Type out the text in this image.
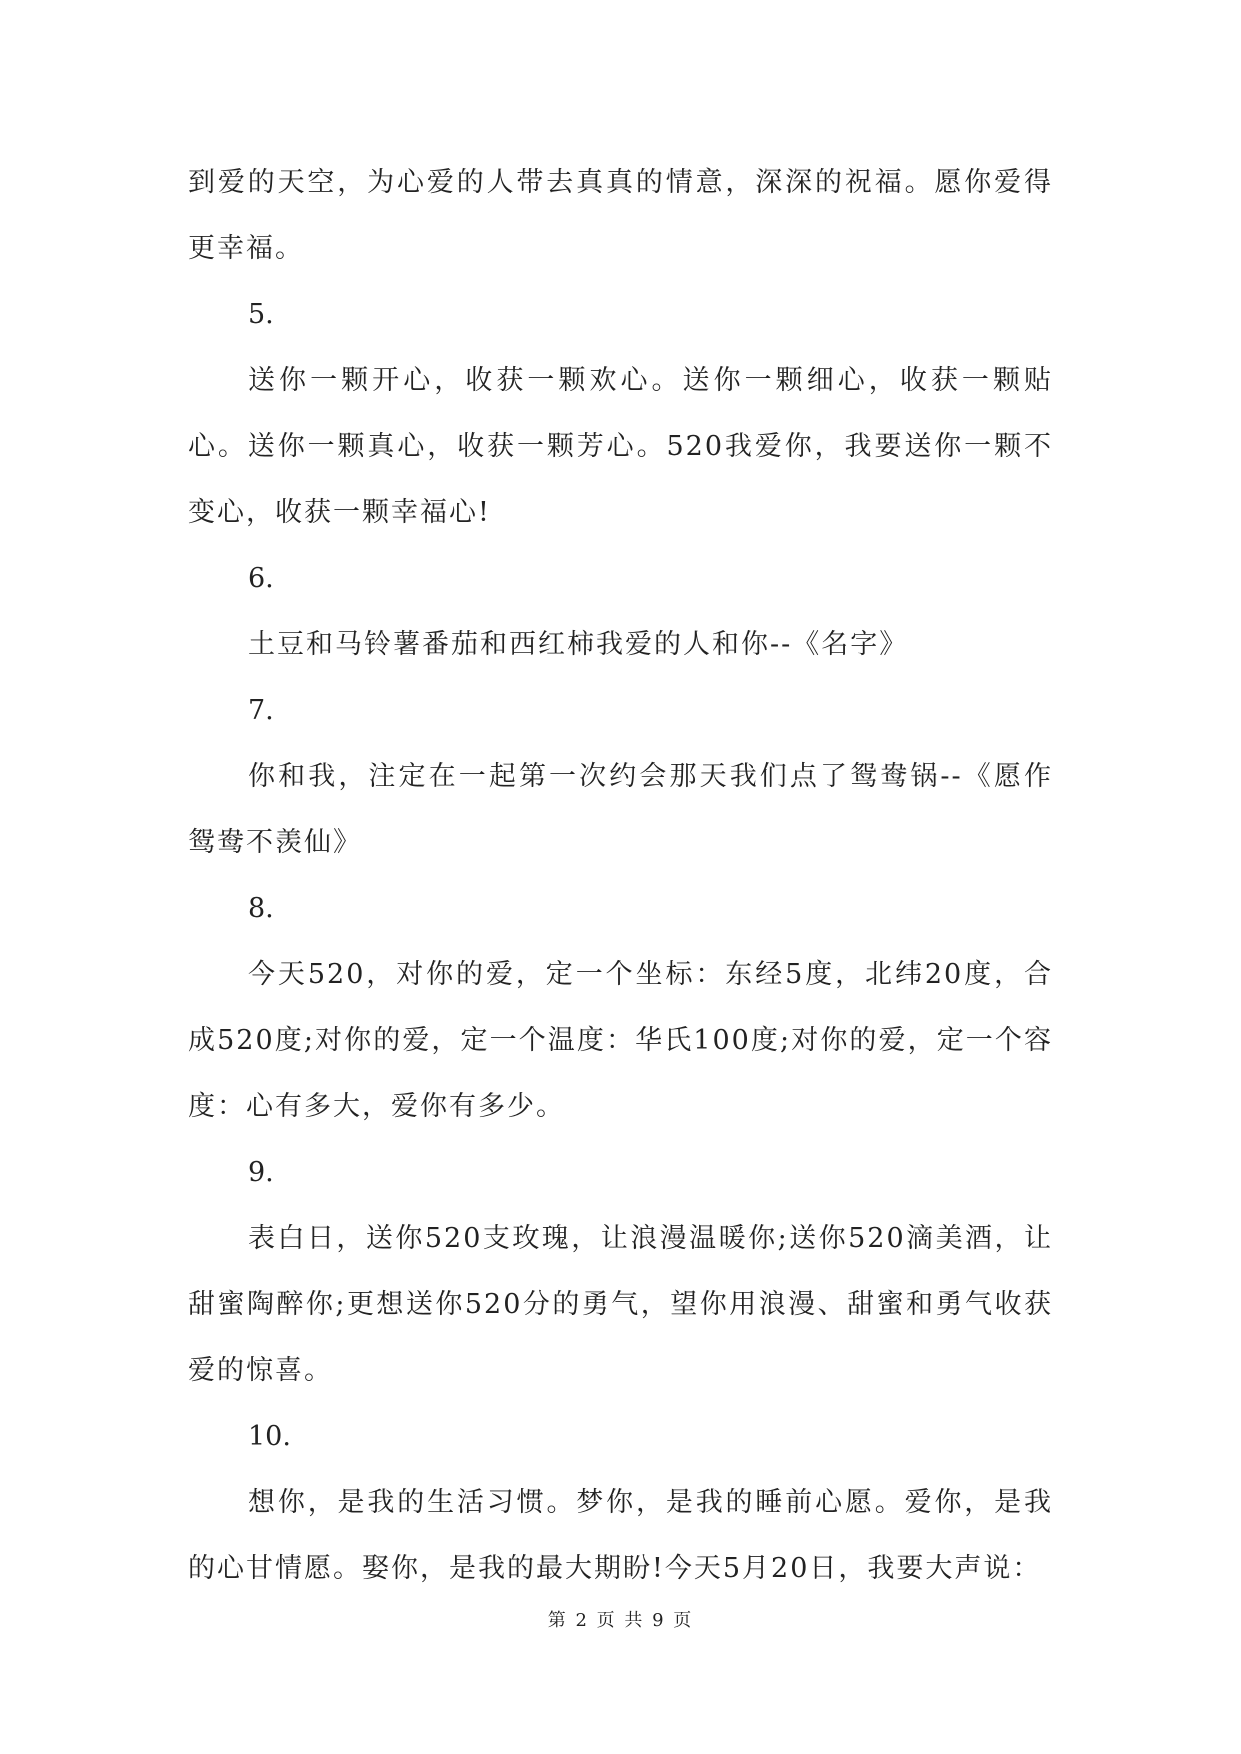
到爱的天空，为心爱的人带去真真的情意，深深的祝福。愿你爱得更幸福。

5.

送你一颗开心，收获一颗欢心。送你一颗细心，收获一颗贴心。送你一颗真心，收获一颗芳心。520我爱你，我要送你一颗不变心，收获一颗幸福心!

6.

土豆和马铃薯番茄和西红柿我爱的人和你--《名字》

7.

你和我，注定在一起第一次约会那天我们点了鸳鸯锅--《愿作鸳鸯不羡仙》

8.

今天520，对你的爱，定一个坐标：东经5度，北纬20度，合成520度;对你的爱，定一个温度：华氏100度;对你的爱，定一个容度：心有多大，爱你有多少。

9.

表白日，送你520支玫瑰，让浪漫温暖你;送你520滴美酒，让甜蜜陶醉你;更想送你520分的勇气，望你用浪漫、甜蜜和勇气收获爱的惊喜。

10.

想你，是我的生活习惯。梦你，是我的睡前心愿。爱你，是我的心甘情愿。娶你，是我的最大期盼!今天5月20日，我要大声说：

第 2 页 共 9 页
